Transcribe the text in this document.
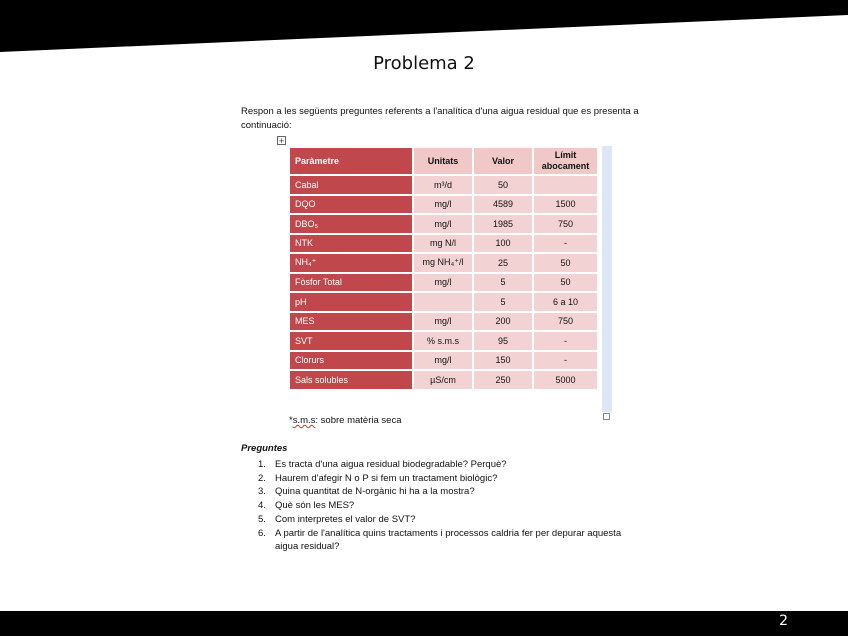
Problema 2
Respon a les següents preguntes referents a l'analítica d'una aigua residual que es presenta a continuació:
+
Paràmetre	Unitats	Valor	Límit abocament
Cabal	m³/d	50	
DQO	mg/l	4589	1500
DBO₅	mg/l	1985	750
NTK	mg N/l	100	-
NH₄⁺	mg NH₄⁺/l	25	50
Fòsfor Total	mg/l	5	50
pH		5	6 a 10
MES	mg/l	200	750
SVT	% s.m.s	95	-
Clorurs	mg/l	150	-
Sals solubles	µS/cm	250	5000
*s.m.s: sobre matèria seca
Preguntes
1. Es tracta d'una aigua residual biodegradable? Perquè?
2. Haurem d'afegir N o P si fem un tractament biològic?
3. Quina quantitat de N-orgànic hi ha a la mostra?
4. Què són les MES?
5. Com interpretes el valor de SVT?
6. A partir de l'analítica quins tractaments i processos caldria fer per depurar aquesta aigua residual?
2
